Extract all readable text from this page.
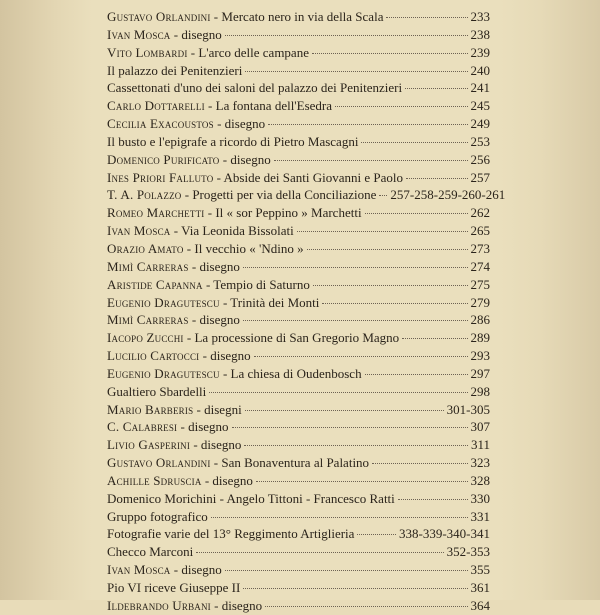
Gustavo Orlandini - Mercato nero in via della Scala	233
Ivan Mosca - disegno	238
Vito Lombardi - L'arco delle campane	239
Il palazzo dei Penitenzieri	240
Cassettonati d'uno dei saloni del palazzo dei Penitenzieri	241
Carlo Dottarelli - La fontana dell'Esedra	245
Cecilia Exacoustos - disegno	249
Il busto e l'epigrafe a ricordo di Pietro Mascagni	253
Domenico Purificato - disegno	256
Ines Priori Falluto - Abside dei Santi Giovanni e Paolo	257
T. A. Polazzo - Progetti per via della Conciliazione 257-258-259-260-261
Romeo Marchetti - Il « sor Peppino » Marchetti	262
Ivan Mosca - Via Leonida Bissolati	265
Orazio Amato - Il vecchio « 'Ndino »	273
Mimì Carreras - disegno	274
Aristide Capanna - Tempio di Saturno	275
Eugenio Dragutescu - Trinità dei Monti	279
Mimì Carreras - disegno	286
Iacopo Zucchi - La processione di San Gregorio Magno	289
Lucilio Cartocci - disegno	293
Eugenio Dragutescu - La chiesa di Oudenbosch	297
Gualtiero Sbardelli	298
Mario Barberis - disegni	301-305
C. Calabresi - disegno	307
Livio Gasperini - disegno	311
Gustavo Orlandini - San Bonaventura al Palatino	323
Achille Sdruscia - disegno	328
Domenico Morichini - Angelo Tittoni - Francesco Ratti	330
Gruppo fotografico	331
Fotografie varie del 13° Reggimento Artiglieria	338-339-340-341
Checco Marconi	352-353
Ivan Mosca - disegno	355
Pio VI riceve Giuseppe II	361
Ildebrando Urbani - disegno	364
